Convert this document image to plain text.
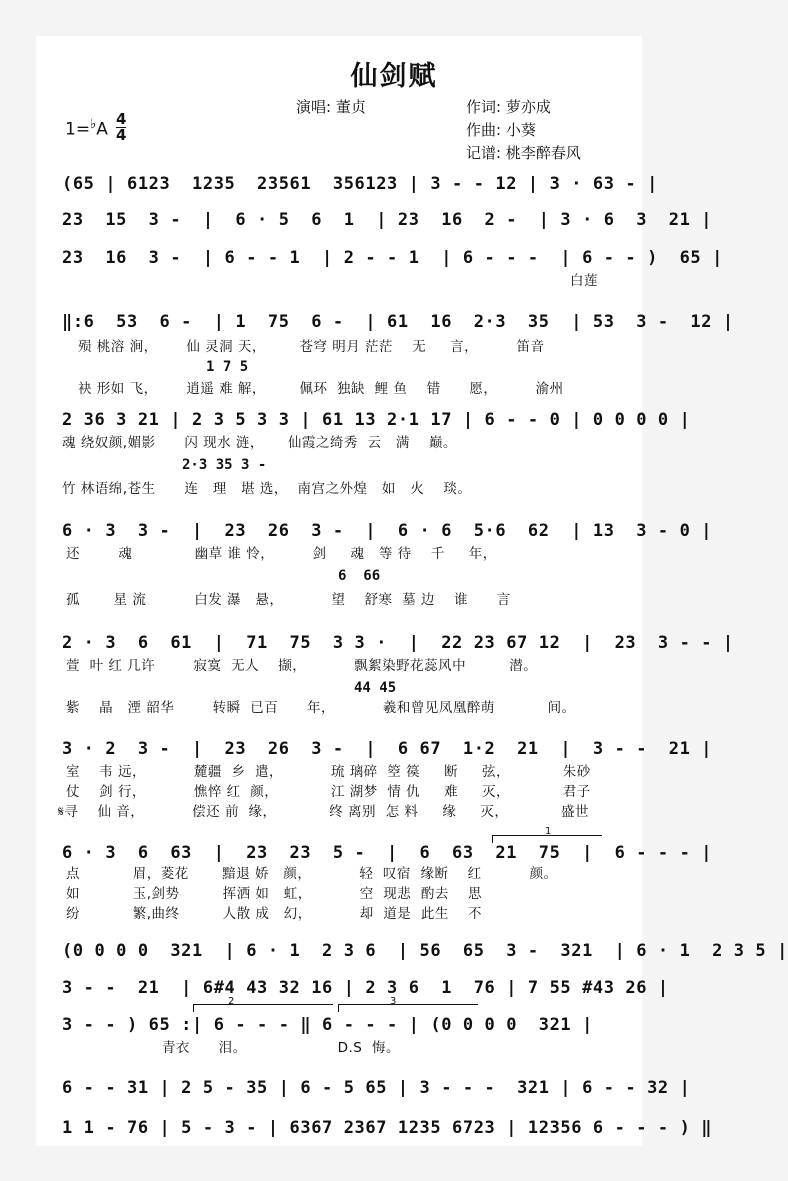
仙剑赋
演唱: 董贞	作词: 萝亦成
作曲: 小葵
记谱: 桃李醉春风
$1=^♭A \frac{4}{4}$
(65 | 6123  1235  23561  356123 | 3 - - 12 | 3 · 63 - |
23  15  3 -  |  6 · 5  6  1  | 23  16  2 -  | 3 · 6  3  21 |
23  16  3 -  | 6 - - 1  | 2 - - 1  | 6 - - -  | 6 - - )  65 |
白莲
‖:6  53  6 -  | 1  75  6 -  | 61  16  2·3  35  | 53  3 -  12 |
殒 桃溶 涧，      仙 灵洞 天，       苍穹 明月 茫茫    无     言，        笛音
1 7 5
袂 形如 飞，      逍遥 难 解，       佩环  独缺  鲤 鱼    错      愿，        渝州
2 36 3 21 | 2 3 5 3 3 | 61 13 2·1 17 | 6 - - 0 | 0 0 0 0 |
魂 绕奴颜,媚影      闪 现水 涟，     仙霞之绮秀  云   满    巅。
2·3 35 3 -
竹 林语绵,苍生      连   理   堪 选，  南宫之外煌   如   火    琰。
6 · 3  3 -  |  23  26  3 -  |  6 · 6  5·6  62  | 13  3 - 0 |
还        魂             幽草 谁 怜，        剑     魂   等 待    千     年，
6  66
孤       星 流          白发 瀑   悬，          望    舒寒  墓 边    谁      言
2 · 3  6  61  |  71  75  3 3 ·  |  22 23 67 12  |  23  3 - - |
萱  叶 红 几许        寂寞  无人    撷，          飘絮染野花蕊风中         潜。
44 45
紫    晶   湮 韶华        转瞬  已百      年，          羲和曾见凤凰醉萌           间。
3 · 2  3 -  |  23  26  3 -  |  6 67  1·2  21  |  3 - -  21 |
室    韦 远，          麓疆  乡  遣，          琉 璃碎  箜 篌     断     弦，           朱砂
仗    剑 行，          憔悴 红  颜，           江 湖梦  情 仇     难     灭，           君子
𝄋寻    仙 音，          偿还 前  缘，           终 离别  怎 料     缘     灭，           盛世
1
6 · 3  6  63  |  23  23  5 -  |  6  63  21  75  |  6 - - - |
点           眉，菱花       黯退 娇   颜，          轻  叹宿  缘断    红          颜。
如           玉,剑势         挥洒 如   虹，          空  现悲  酌去    思
纷           繁,曲终         人散 成   幻，          却  道是  此生    不
(0 0 0 0  321  | 6 · 1  2 3 6  | 56  65  3 -  321  | 6 · 1  2 3 5 |
3 - -  21  | 6#4 43 32 16 | 2 3 6  1  76 | 7 55 #43 26 |
2	3
3 - - ) 65 :| 6 - - - ‖ 6 - - - | (0 0 0 0  321 |
青衣      泪。                   D.S  悔。
6 - - 31 | 2 5 - 35 | 6 - 5 65 | 3 - - -  321 | 6 - - 32 |
1 1 - 76 | 5 - 3 - | 6367 2367 1235 6723 | 12356 6 - - - ) ‖
